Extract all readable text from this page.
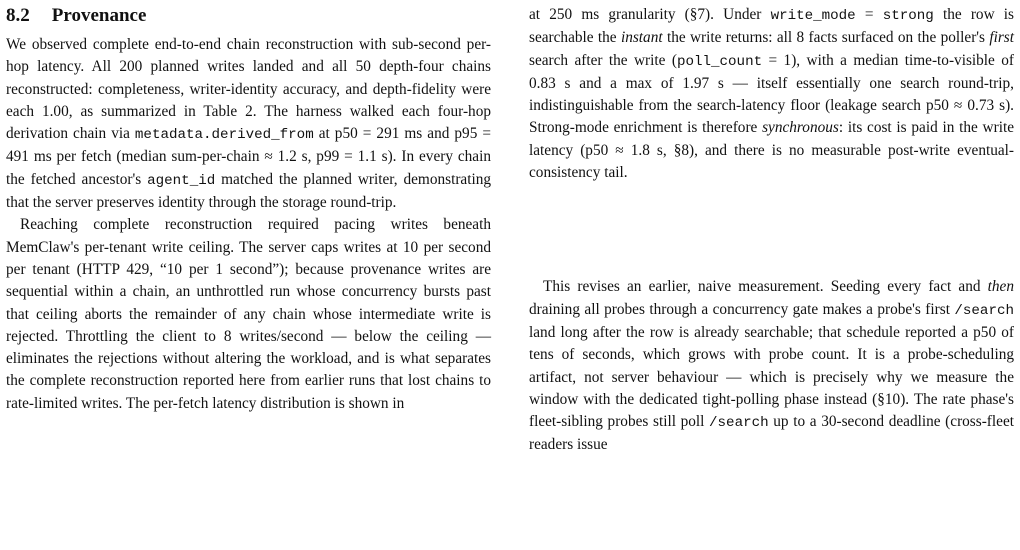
8.2 Provenance

We observed complete end-to-end chain reconstruction with sub-second per-hop latency. All 200 planned writes landed and all 50 depth-four chains reconstructed: completeness, writer-identity accuracy, and depth-fidelity were each 1.00, as summarized in Table 2. The harness walked each four-hop derivation chain via metadata.derived_from at p50 = 291 ms and p95 = 491 ms per fetch (median sum-per-chain ≈ 1.2 s, p99 = 1.1 s). In every chain the fetched ancestor's agent_id matched the planned writer, demonstrating that the server preserves identity through the storage round-trip.

Reaching complete reconstruction required pacing writes beneath MemClaw's per-tenant write ceiling. The server caps writes at 10 per second per tenant (HTTP 429, “10 per 1 second”); because provenance writes are sequential within a chain, an unthrottled run whose concurrency bursts past that ceiling aborts the remainder of any chain whose intermediate write is rejected. Throttling the client to 8 writes/second — below the ceiling — eliminates the rejections without altering the workload, and is what separates the complete reconstruction reported here from earlier runs that lost chains to rate-limited writes. The per-fetch latency distribution is shown in

at 250 ms granularity (§7). Under write_mode = strong the row is searchable the instant the write returns: all 8 facts surfaced on the poller's first search after the write (poll_count = 1), with a median time-to-visible of 0.83 s and a max of 1.97 s — itself essentially one search round-trip, indistinguishable from the search-latency floor (leakage search p50 ≈ 0.73 s). Strong-mode enrichment is therefore synchronous: its cost is paid in the write latency (p50 ≈ 1.8 s, §8), and there is no measurable post-write eventual-consistency tail.

This revises an earlier, naive measurement. Seeding every fact and then draining all probes through a concurrency gate makes a probe's first /search land long after the row is already searchable; that schedule reported a p50 of tens of seconds, which grows with probe count. It is a probe-scheduling artifact, not server behaviour — which is precisely why we measure the window with the dedicated tight-polling phase instead (§10). The rate phase's fleet-sibling probes still poll /search up to a 30-second deadline (cross-fleet readers issue
